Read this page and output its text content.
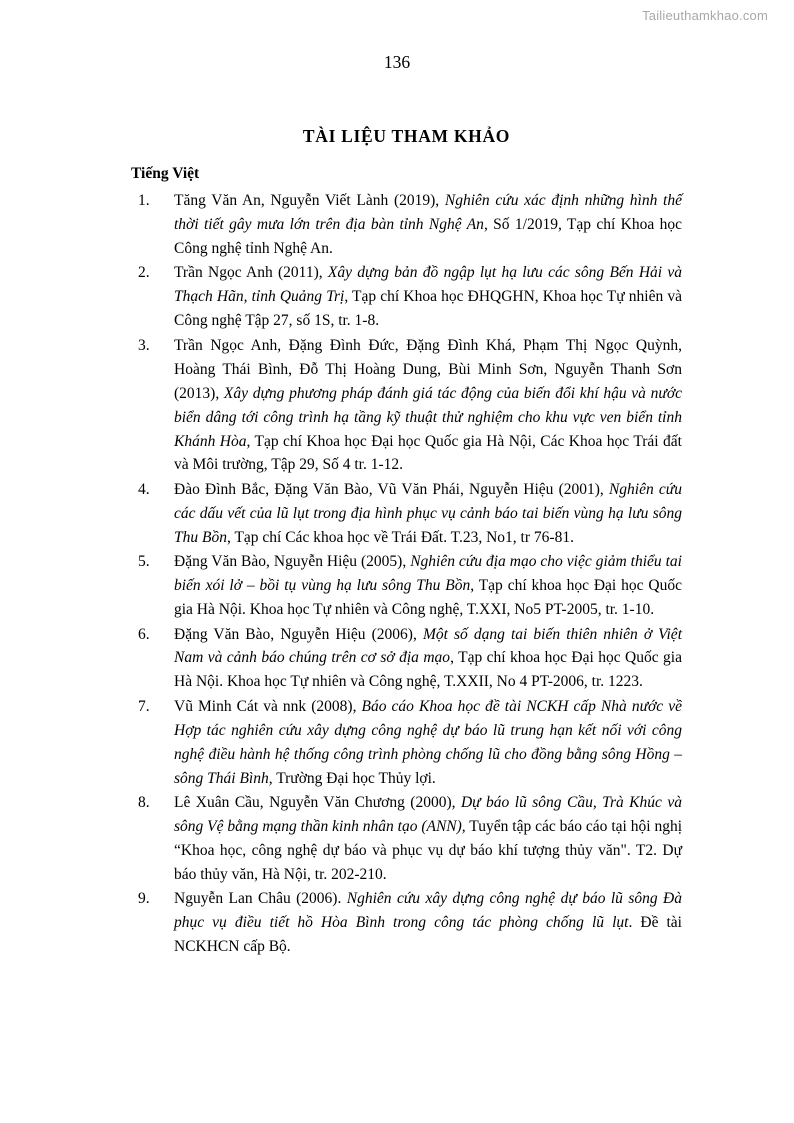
Tailieuthamkhao.com
136
TÀI LIỆU THAM KHẢO
Tiếng Việt
1.	Tăng Văn An, Nguyễn Viết Lành (2019), Nghiên cứu xác định những hình thế thời tiết gây mưa lớn trên địa bàn tỉnh Nghệ An, Số 1/2019, Tạp chí Khoa học Công nghệ tỉnh Nghệ An.
2.	Trần Ngọc Anh (2011), Xây dựng bản đồ ngập lụt hạ lưu các sông Bến Hải và Thạch Hãn, tỉnh Quảng Trị, Tạp chí Khoa học ĐHQGHN, Khoa học Tự nhiên và Công nghệ Tập 27, số 1S, tr. 1-8.
3.	Trần Ngọc Anh, Đặng Đình Đức, Đặng Đình Khá, Phạm Thị Ngọc Quỳnh, Hoàng Thái Bình, Đỗ Thị Hoàng Dung, Bùi Minh Sơn, Nguyễn Thanh Sơn (2013), Xây dựng phương pháp đánh giá tác động của biến đổi khí hậu và nước biển dâng tới công trình hạ tầng kỹ thuật thử nghiệm cho khu vực ven biển tỉnh Khánh Hòa, Tạp chí Khoa học Đại học Quốc gia Hà Nội, Các Khoa học Trái đất và Môi trường, Tập 29, Số 4 tr. 1-12.
4.	Đào Đình Bắc, Đặng Văn Bào, Vũ Văn Phái, Nguyễn Hiệu (2001), Nghiên cứu các dấu vết của lũ lụt trong địa hình phục vụ cảnh báo tai biến vùng hạ lưu sông Thu Bồn, Tạp chí Các khoa học về Trái Đất. T.23, No1, tr 76-81.
5.	Đặng Văn Bào, Nguyễn Hiệu (2005), Nghiên cứu địa mạo cho việc giảm thiểu tai biến xói lở – bồi tụ vùng hạ lưu sông Thu Bồn, Tạp chí khoa học Đại học Quốc gia Hà Nội. Khoa học Tự nhiên và Công nghệ, T.XXI, No5 PT-2005, tr. 1-10.
6.	Đặng Văn Bào, Nguyễn Hiệu (2006), Một số dạng tai biến thiên nhiên ở Việt Nam và cảnh báo chúng trên cơ sở địa mạo, Tạp chí khoa học Đại học Quốc gia Hà Nội. Khoa học Tự nhiên và Công nghệ, T.XXII, No 4 PT-2006, tr. 1223.
7.	Vũ Minh Cát và nnk (2008), Báo cáo Khoa học đề tài NCKH cấp Nhà nước về Hợp tác nghiên cứu xây dựng công nghệ dự báo lũ trung hạn kết nối với công nghệ điều hành hệ thống công trình phòng chống lũ cho đồng bằng sông Hồng – sông Thái Bình, Trường Đại học Thủy lợi.
8.	Lê Xuân Cầu, Nguyễn Văn Chương (2000), Dự báo lũ sông Cầu, Trà Khúc và sông Vệ bằng mạng thần kinh nhân tạo (ANN), Tuyển tập các báo cáo tại hội nghị “Khoa học, công nghệ dự báo và phục vụ dự báo khí tượng thủy văn". T2. Dự báo thủy văn, Hà Nội, tr. 202-210.
9.	Nguyễn Lan Châu (2006). Nghiên cứu xây dựng công nghệ dự báo lũ sông Đà phục vụ điều tiết hồ Hòa Bình trong công tác phòng chống lũ lụt. Đề tài NCKHCN cấp Bộ.
